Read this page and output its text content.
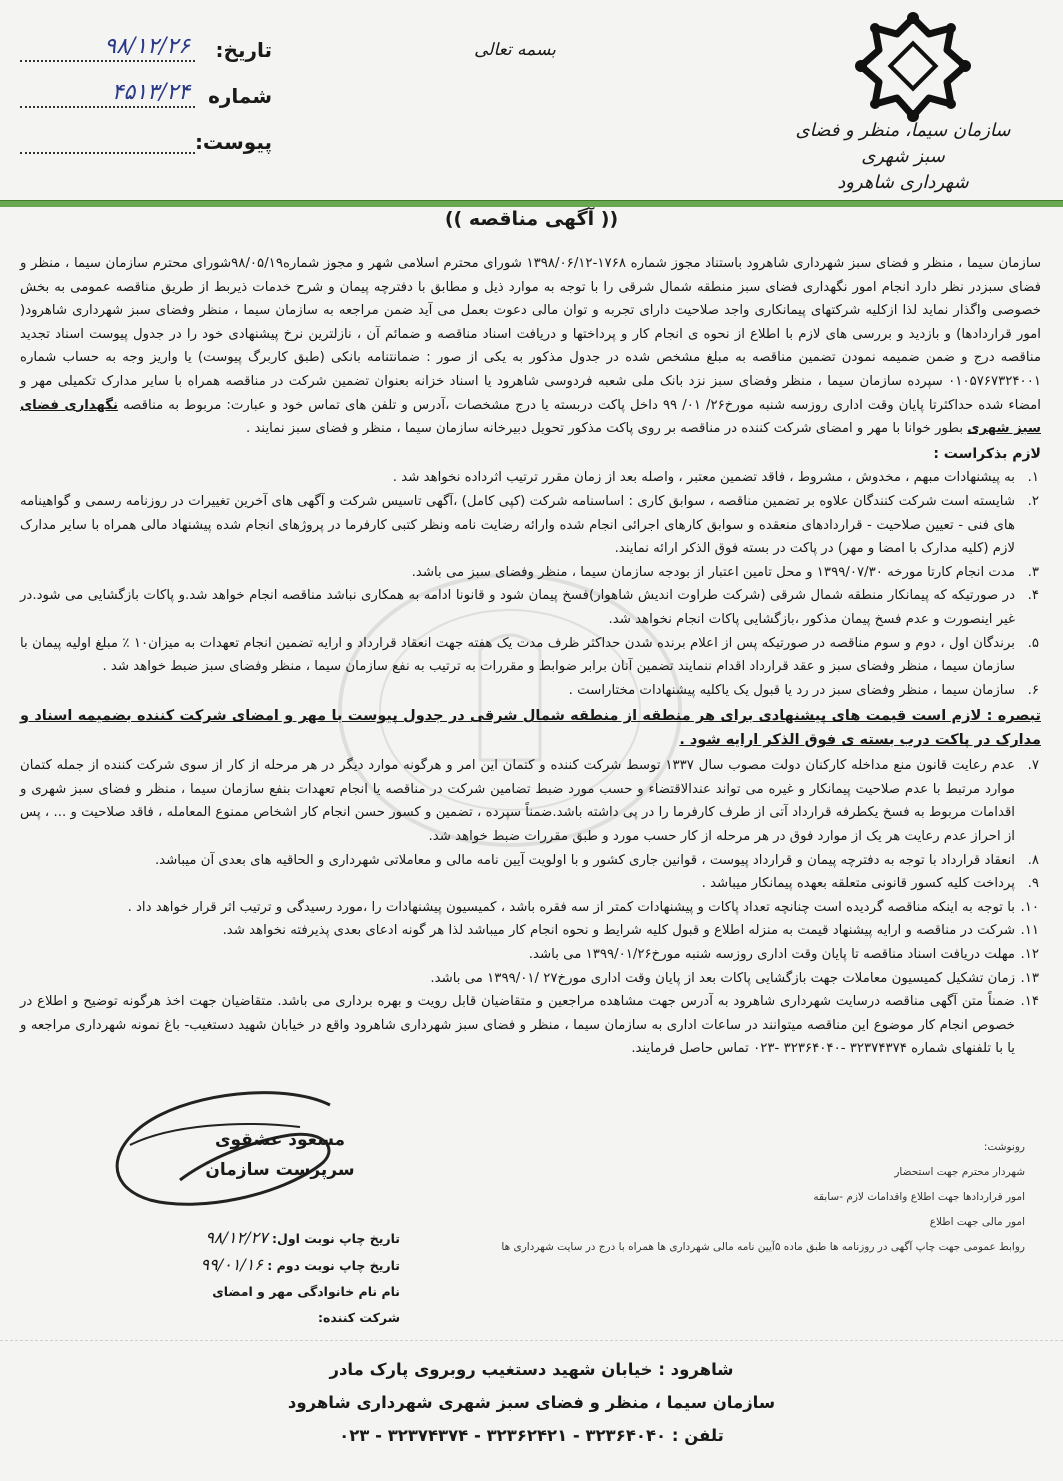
سازمان سیما، منظر و فضای سبز شهری
شهرداری شاهرود
بسمه تعالی
تاریخ:
۹۸/۱۲/۲۶
شماره
۴۵۱۳/۲۴
پیوست:
(( آگهی مناقصه ))

سازمان سیما ، منظر و فضای سبز شهرداری شاهرود باستناد مجوز شماره ۱۷۶۸-۱۳۹۸/۰۶/۱۲ شورای محترم اسلامی شهر و مجوز شماره۹۸/۰۵/۱۹شورای محترم سازمان سیما ، منظر و فضای سبزدر نظر دارد انجام امور نگهداری فضای سبز منطقه شمال شرقی را با توجه به موارد ذیل و مطابق با دفترچه پیمان و شرح خدمات ذیربط از طریق مناقصه عمومی به بخش خصوصی واگذار نماید لذا ازکلیه شرکتهای پیمانکاری واجد صلاحیت دارای تجربه و توان مالی دعوت بعمل می آید ضمن مراجعه به سازمان سیما ، منظر وفضای سبز شهرداری شاهرود( امور قراردادها) و بازدید و بررسی های لازم با اطلاع از نحوه ی انجام کار و پرداختها و دریافت اسناد مناقصه و ضمائم آن ، نازلترین نرخ پیشنهادی خود را در جدول پیوست اسناد تجدید مناقصه درج و ضمن ضمیمه نمودن تضمین مناقصه به مبلغ مشخص شده در جدول مذکور به یکی از صور : ضمانتنامه بانکی (طبق کاربرگ پیوست) یا واریز وجه به حساب شماره ۰۱۰۵۷۶۷۳۲۴۰۰۱ سپرده سازمان سیما ، منظر وفضای سبز نزد بانک ملی شعبه فردوسی شاهرود یا اسناد خزانه بعنوان تضمین شرکت در مناقصه همراه با سایر مدارک تکمیلی مهر و امضاء شده حداکثرتا پایان وقت اداری روزسه شنبه مورخ۲۶/ ۰۱/ ۹۹ داخل پاکت دربسته یا درج مشخصات ،آدرس و تلفن های تماس خود و عبارت: مربوط به مناقصه نگهداری فضای سبز شهری بطور خوانا با مهر و امضای شرکت کننده در مناقصه بر روی پاکت مذکور تحویل دبیرخانه سازمان سیما ، منظر و فضای سبز نمایند .

لازم بذکراست :

۱.
به پیشنهادات مبهم ، مخدوش ، مشروط ، فاقد تضمین معتبر ، واصله بعد از زمان مقرر ترتیب اثرداده نخواهد شد .
۲.
شایسته است شرکت کنندگان علاوه بر تضمین مناقصه ، سوابق کاری : اساسنامه شرکت (کپی کامل) ،آگهی تاسیس شرکت و آگهی های آخرین تغییرات در روزنامه رسمی و گواهینامه های فنی - تعیین صلاحیت - قراردادهای منعقده و سوابق کارهای اجرائی انجام شده وارائه رضایت نامه ونظر کتبی کارفرما در پروژهای انجام شده پیشنهاد مالی همراه با سایر مدارک لازم (کلیه مدارک با امضا و مهر) در پاکت در بسته فوق الذکر ارائه نمایند.
۳.
مدت انجام کارتا مورخه ۱۳۹۹/۰۷/۳۰ و محل تامین اعتبار از بودجه سازمان سیما ، منظر وفضای سبز می باشد.
۴.
در صورتیکه که پیمانکار منطقه شمال شرقی (شرکت طراوت اندیش شاهوار)فسخ پیمان شود و قانونا ادامه به همکاری نباشد مناقصه انجام خواهد شد.و پاکات بازگشایی می شود.در غیر اینصورت و عدم فسخ پیمان مذکور ،بازگشایی پاکات انجام نخواهد شد.
۵.
برندگان اول ، دوم و سوم مناقصه در صورتیکه پس از اعلام برنده شدن حداکثر ظرف مدت یک هفته جهت انعقاد قرارداد و ارایه تضمین انجام تعهدات به میزان۱۰ ٪ مبلغ اولیه پیمان با سازمان سیما ، منظر وفضای سبز و عقد قرارداد اقدام ننمایند تضمین آنان برابر ضوابط و مقررات به ترتیب به نفع سازمان سیما ، منظر وفضای سبز ضبط خواهد شد .
۶.
سازمان سیما ، منظر وفضای سبز در رد یا قبول یک یاکلیه پیشنهادات مختاراست .

تبصره : لازم است قیمت های پیشنهادی برای هر منطقه از منطقه شمال شرقی در جدول پیوست با مهر و امضای شرکت کننده بضمیمه اسناد و مدارک در پاکت درب بسته ی فوق الذکر ارایه شود .

۷.
عدم رعایت قانون منع مداخله کارکنان دولت مصوب سال ۱۳۳۷ توسط شرکت کننده و کتمان این امر و هرگونه موارد دیگر در هر مرحله از کار از سوی شرکت کننده از جمله کتمان موارد مرتبط با عدم صلاحیت پیمانکار و غیره می تواند عندالاقتضاء و حسب مورد ضبط تضامین شرکت در مناقصه یا انجام تعهدات بنفع سازمان سیما ، منظر و فضای سبز شهری و اقدامات مربوط به فسخ یکطرفه قرارداد آتی از طرف کارفرما را در پی داشته باشد.ضمناً سپرده ، تضمین و کسور حسن انجام کار اشخاص ممنوع المعامله ، فاقد صلاحیت و ... ، پس از احراز عدم رعایت هر یک از موارد فوق در هر مرحله از کار حسب مورد و طبق مقررات ضبط خواهد شد.
۸.
انعقاد قرارداد با توجه به دفترچه پیمان و قرارداد پیوست ، قوانین جاری کشور و با اولویت آیین نامه مالی و معاملاتی شهرداری و الحاقیه های بعدی آن میباشد.
۹.
پرداخت کلیه کسور قانونی متعلقه بعهده پیمانکار میباشد .
۱۰.
با توجه به اینکه مناقصه گردیده است چنانچه تعداد پاکات و پیشنهادات کمتر از سه فقره باشد ، کمیسیون پیشنهادات را ،مورد رسیدگی و ترتیب اثر قرار خواهد داد .
۱۱.
شرکت در مناقصه و ارایه پیشنهاد قیمت به منزله اطلاع و قبول کلیه شرایط و نحوه انجام کار میباشد لذا هر گونه ادعای بعدی پذیرفته نخواهد شد.
۱۲.
مهلت دریافت اسناد مناقصه تا پایان وقت اداری روزسه شنبه مورخ۱۳۹۹/۰۱/۲۶ می باشد.
۱۳.
زمان تشکیل کمیسیون معاملات جهت بازگشایی پاکات بعد از پایان وقت اداری مورخ۲۷ /۱۳۹۹/۰۱ می باشد.
۱۴.
ضمناً متن آگهی مناقصه درسایت شهرداری شاهرود به آدرس جهت مشاهده مراجعین و متقاضیان قابل رویت و بهره برداری می باشد. متقاضیان جهت اخذ هرگونه توضیح و اطلاع در خصوص انجام کار موضوع این مناقصه میتوانند در ساعات اداری به سازمان سیما ، منظر و فضای سبز شهرداری شاهرود واقع در خیابان شهید دستغیب- باغ نمونه شهرداری مراجعه و یا با تلفنهای شماره ۳۲۳۷۴۳۷۴ -۳۲۳۶۴۰۴۰ -۰۲۳ تماس حاصل فرمایند.
مسعود عشقوی
سرپرست سازمان
تاریخ چاپ نوبت اول: ۹۸/۱۲/۲۷
تاریخ چاپ نوبت دوم : ۹۹/۰۱/۱۶
نام نام خانوادگی مهر و امضای شرکت کننده:
رونوشت:
شهردار محترم جهت استحضار
امور قراردادها جهت اطلاع واقدامات لازم -سابقه
امور مالی جهت اطلاع
روابط عمومی جهت چاپ آگهی در روزنامه ها طبق ماده ۵آیین نامه مالی شهرداری ها همراه با درج در سایت شهرداری ها
شاهرود : خیابان شهید دستغیب روبروی پارک مادر
سازمان سیما ، منظر و فضای سبز شهری شهرداری شاهرود
تلفن : ۳۲۳۶۴۰۴۰ - ۳۲۳۶۲۴۲۱ - ۳۲۳۷۴۳۷۴ - ۰۲۳
